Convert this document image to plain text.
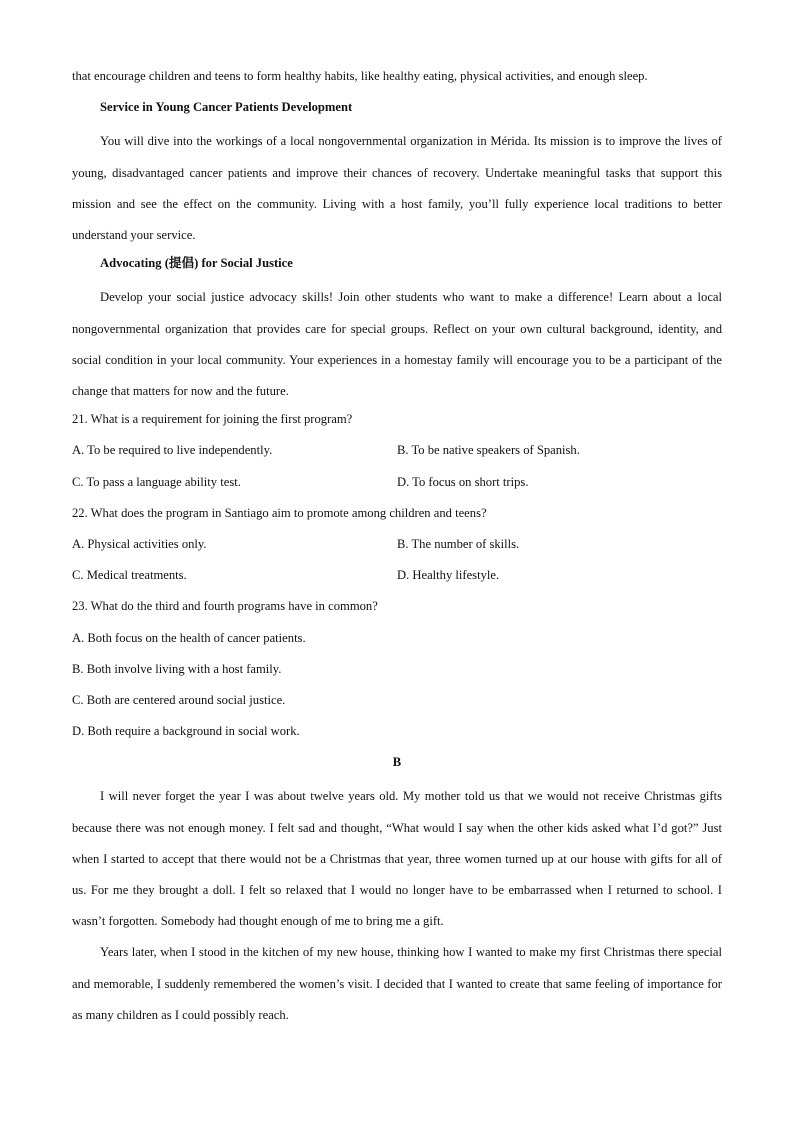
that encourage children and teens to form healthy habits, like healthy eating, physical activities, and enough sleep.
Service in Young Cancer Patients Development
You will dive into the workings of a local nongovernmental organization in Mérida. Its mission is to improve the lives of young, disadvantaged cancer patients and improve their chances of recovery. Undertake meaningful tasks that support this mission and see the effect on the community. Living with a host family, you’ll fully experience local traditions to better understand your service.
Advocating (提倡) for Social Justice
Develop your social justice advocacy skills! Join other students who want to make a difference! Learn about a local nongovernmental organization that provides care for special groups. Reflect on your own cultural background, identity, and social condition in your local community. Your experiences in a homestay family will encourage you to be a participant of the change that matters for now and the future.
21. What is a requirement for joining the first program?
A. To be required to live independently.	B. To be native speakers of Spanish.
C. To pass a language ability test.	D. To focus on short trips.
22. What does the program in Santiago aim to promote among children and teens?
A. Physical activities only.	B. The number of skills.
C. Medical treatments.	D. Healthy lifestyle.
23. What do the third and fourth programs have in common?
A. Both focus on the health of cancer patients.
B. Both involve living with a host family.
C. Both are centered around social justice.
D. Both require a background in social work.
B
I will never forget the year I was about twelve years old. My mother told us that we would not receive Christmas gifts because there was not enough money. I felt sad and thought, “What would I say when the other kids asked what I’d got?” Just when I started to accept that there would not be a Christmas that year, three women turned up at our house with gifts for all of us. For me they brought a doll. I felt so relaxed that I would no longer have to be embarrassed when I returned to school. I wasn’t forgotten. Somebody had thought enough of me to bring me a gift.
Years later, when I stood in the kitchen of my new house, thinking how I wanted to make my first Christmas there special and memorable, I suddenly remembered the women’s visit. I decided that I wanted to create that same feeling of importance for as many children as I could possibly reach.
